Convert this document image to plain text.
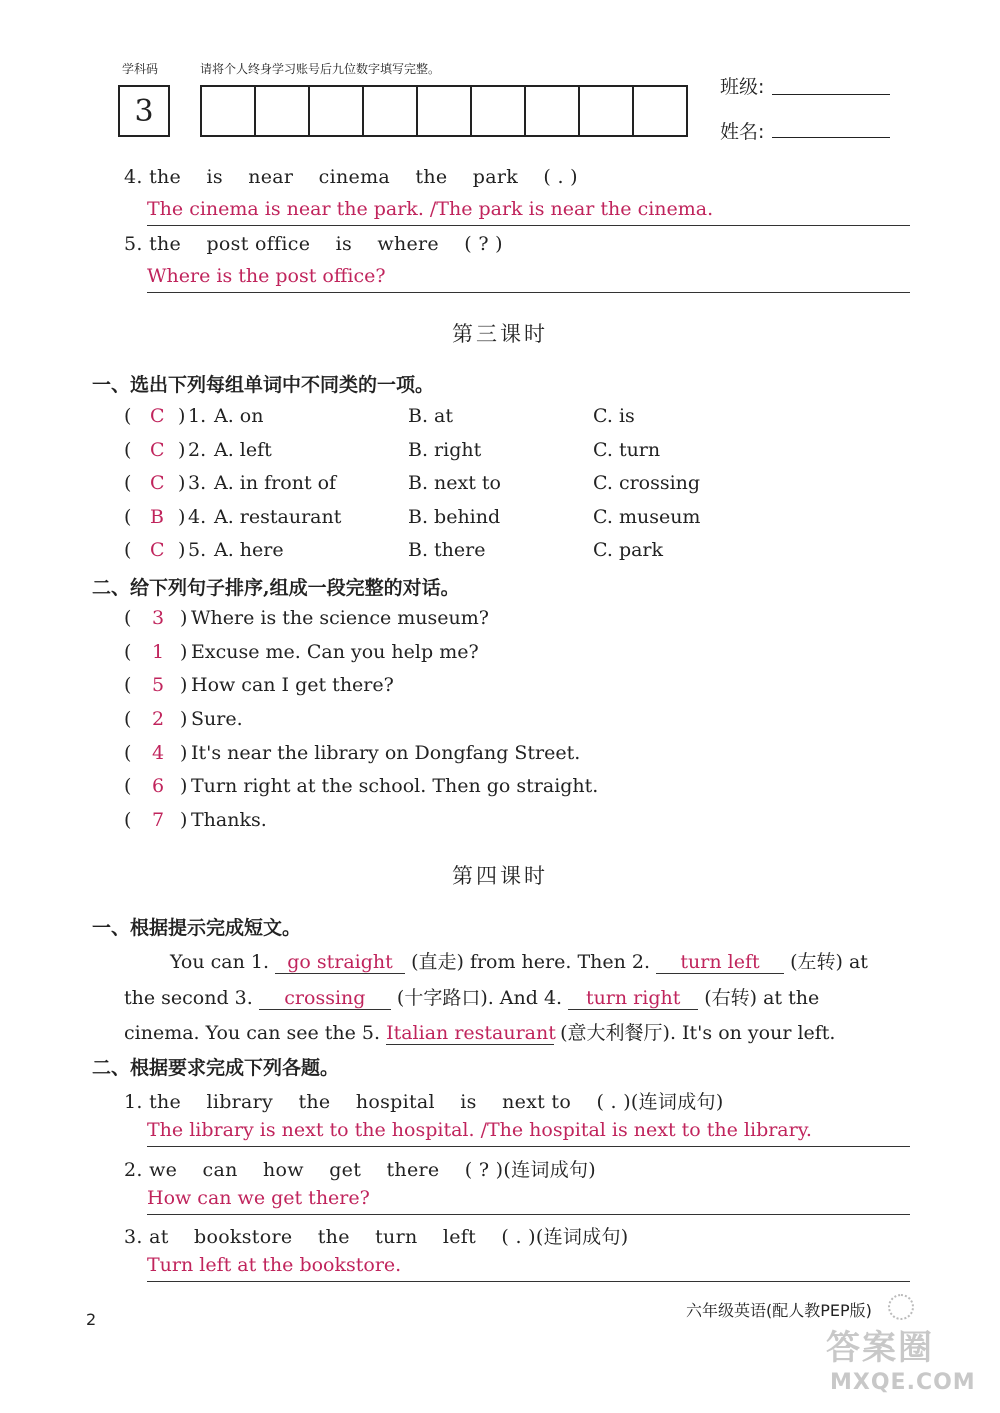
学科码	请将个人终身学习账号后九位数字填写完整。
3
班级:
姓名:
4. the    is    near    cinema    the    park    ( . )
The cinema is near the park. /The park is near the cinema.
5. the    post office    is    where    ( ? )
Where is the post office?
第三课时
一、选出下列每组单词中不同类的一项。
( C ) 1. A. on	B. at	C. is
( C ) 2. A. left	B. right	C. turn
( C ) 3. A. in front of	B. next to	C. crossing
( B ) 4. A. restaurant	B. behind	C. museum
( C ) 5. A. here	B. there	C. park
二、给下列句子排序,组成一段完整的对话。
( 3 ) Where is the science museum?
( 1 ) Excuse me. Can you help me?
( 5 ) How can I get there?
( 2 ) Sure.
( 4 ) It's near the library on Dongfang Street.
( 6 ) Turn right at the school. Then go straight.
( 7 ) Thanks.
第四课时
一、根据提示完成短文。
You can 1. go straight (直走) from here. Then 2. turn left (左转) at
the second 3. crossing (十字路口). And 4. turn right (右转) at the
cinema. You can see the 5. Italian restaurant (意大利餐厅). It's on your left.
二、根据要求完成下列各题。
1. the    library    the    hospital    is    next to    ( . )(连词成句)
The library is next to the hospital. /The hospital is next to the library.
2. we    can    how    get    there    ( ? )(连词成句)
How can we get there?
3. at    bookstore    the    turn    left    ( . )(连词成句)
Turn left at the bookstore.
2	六年级英语(配人教PEP版)
答案圈
MXQE.COM
